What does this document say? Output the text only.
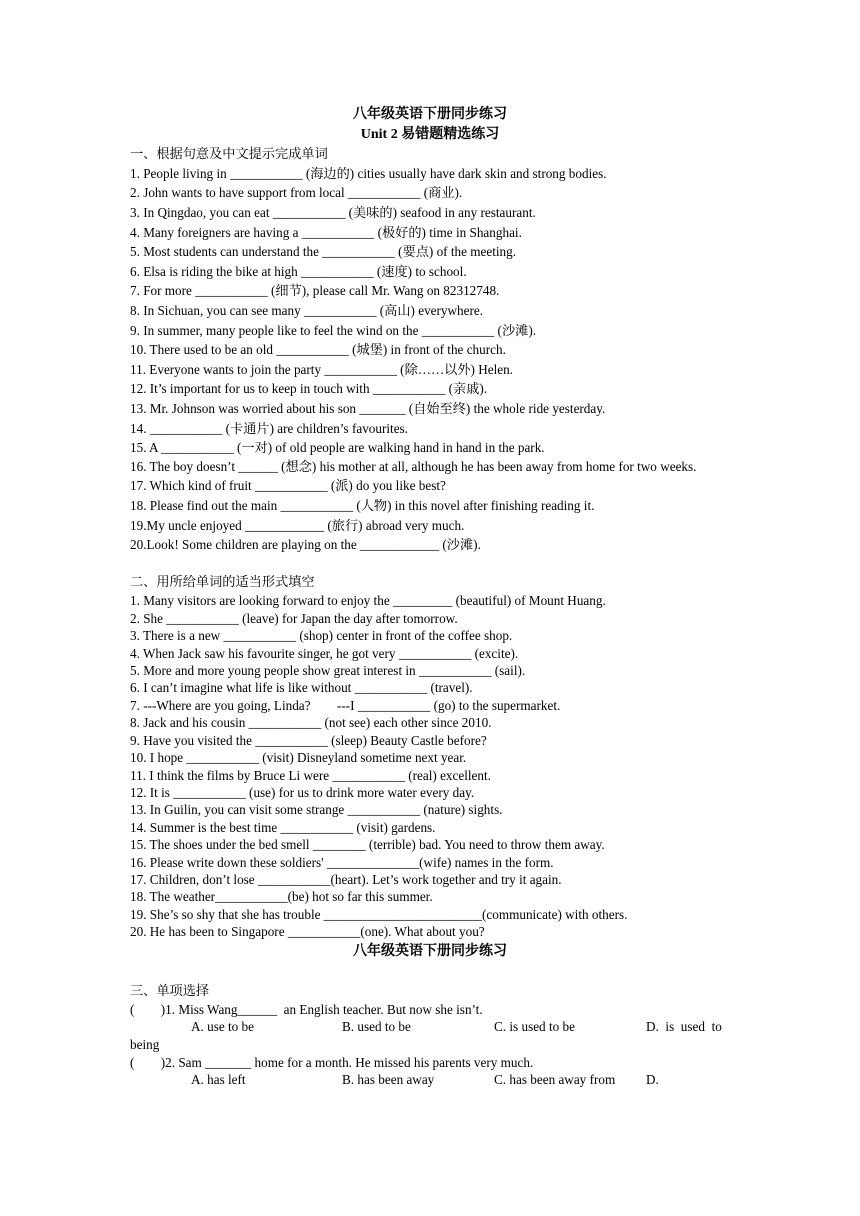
八年级英语下册同步练习
Unit 2 易错题精选练习
一、根据句意及中文提示完成单词
1. People living in ___________ (海边的) cities usually have dark skin and strong bodies.
2. John wants to have support from local ___________ (商业).
3. In Qingdao, you can eat ___________ (美味的) seafood in any restaurant.
4. Many foreigners are having a ___________ (极好的) time in Shanghai.
5. Most students can understand the ___________ (要点) of the meeting.
6. Elsa is riding the bike at high ___________ (速度) to school.
7. For more ___________ (细节), please call Mr. Wang on 82312748.
8. In Sichuan, you can see many ___________ (高山) everywhere.
9. In summer, many people like to feel the wind on the ___________ (沙滩).
10. There used to be an old ___________ (城堡) in front of the church.
11. Everyone wants to join the party ___________ (除……以外) Helen.
12. It’s important for us to keep in touch with ___________ (亲戚).
13. Mr. Johnson was worried about his son _______ (自始至终) the whole ride yesterday.
14. ___________ (卡通片) are children’s favourites.
15. A ___________ (一对) of old people are walking hand in hand in the park.
16. The boy doesn’t ______ (想念) his mother at all, although he has been away from home for two weeks.
17. Which kind of fruit ___________ (派) do you like best?
18. Please find out the main ___________ (人物) in this novel after finishing reading it.
19.My uncle enjoyed ____________ (旅行) abroad very much.
20.Look! Some children are playing on the ____________ (沙滩).
二、用所给单词的适当形式填空
1. Many visitors are looking forward to enjoy the _________ (beautiful) of Mount Huang.
2. She ___________ (leave) for Japan the day after tomorrow.
3. There is a new ___________ (shop) center in front of the coffee shop.
4. When Jack saw his favourite singer, he got very ___________ (excite).
5. More and more young people show great interest in ___________ (sail).
6. I can’t imagine what life is like without ___________ (travel).
7. ---Where are you going, Linda?        ---I ___________ (go) to the supermarket.
8. Jack and his cousin ___________ (not see) each other since 2010.
9. Have you visited the ___________ (sleep) Beauty Castle before?
10. I hope ___________ (visit) Disneyland sometime next year.
11. I think the films by Bruce Li were ___________ (real) excellent.
12. It is ___________ (use) for us to drink more water every day.
13. In Guilin, you can visit some strange ___________ (nature) sights.
14. Summer is the best time ___________ (visit) gardens.
15. The shoes under the bed smell ________ (terrible) bad. You need to throw them away.
16. Please write down these soldiers' ______________(wife) names in the form.
17. Children, don’t lose ___________(heart). Let’s work together and try it again.
18. The weather___________(be) hot so far this summer.
19. She’s so shy that she has trouble ________________________(communicate) with others.
20. He has been to Singapore ___________(one). What about you?
八年级英语下册同步练习
三、单项选择
(        )1. Miss Wang______  an English teacher. But now she isn’t.
A. use to be	B. used to be	C. is used to be	D.  is  used  to
being
(        )2. Sam _______ home for a month. He missed his parents very much.
A. has left	B. has been away	C. has been away from	D.
